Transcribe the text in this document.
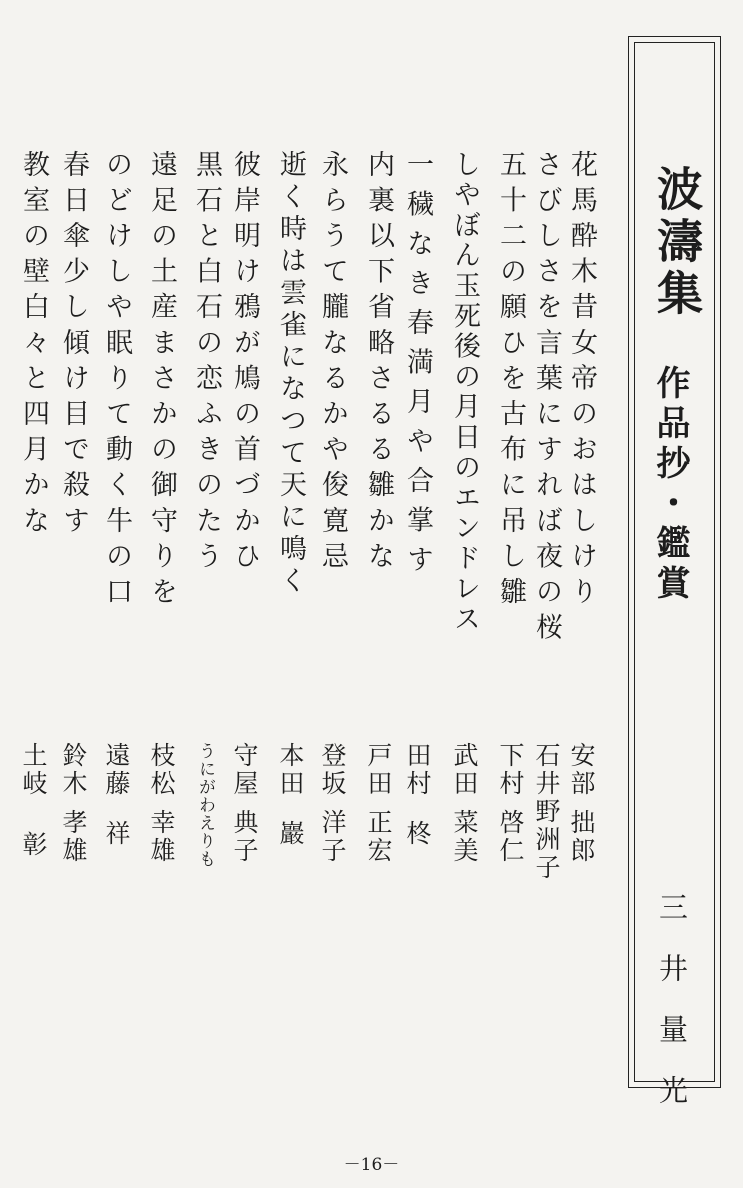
波濤集
作品抄・鑑賞
三井量光
花馬酔木昔女帝のおはしけり
安部 拙郎
さびしさを言葉にすれば夜の桜
石井野洲子
五十二の願ひを古布に吊し雛
下村 啓仁
しやぼん玉死後の月日のエンドレス
武田 菜美
一穢なき春満月や合掌す
田村  柊
内裏以下省略さるる雛かな
戸田 正宏
永らうて朧なるかや俊寛忌
登坂 洋子
逝く時は雲雀になつて天に鳴く
本田  巖
彼岸明け鴉が鳩の首づかひ
守屋 典子
黒石と白石の恋ふきのたう
うにがわえりも
遠足の土産まさかの御守りを
枝松 幸雄
のどけしや眠りて動く牛の口
遠藤  祥
春日傘少し傾け目で殺す
鈴木 孝雄
教室の壁白々と四月かな
土岐   彰
－16－
